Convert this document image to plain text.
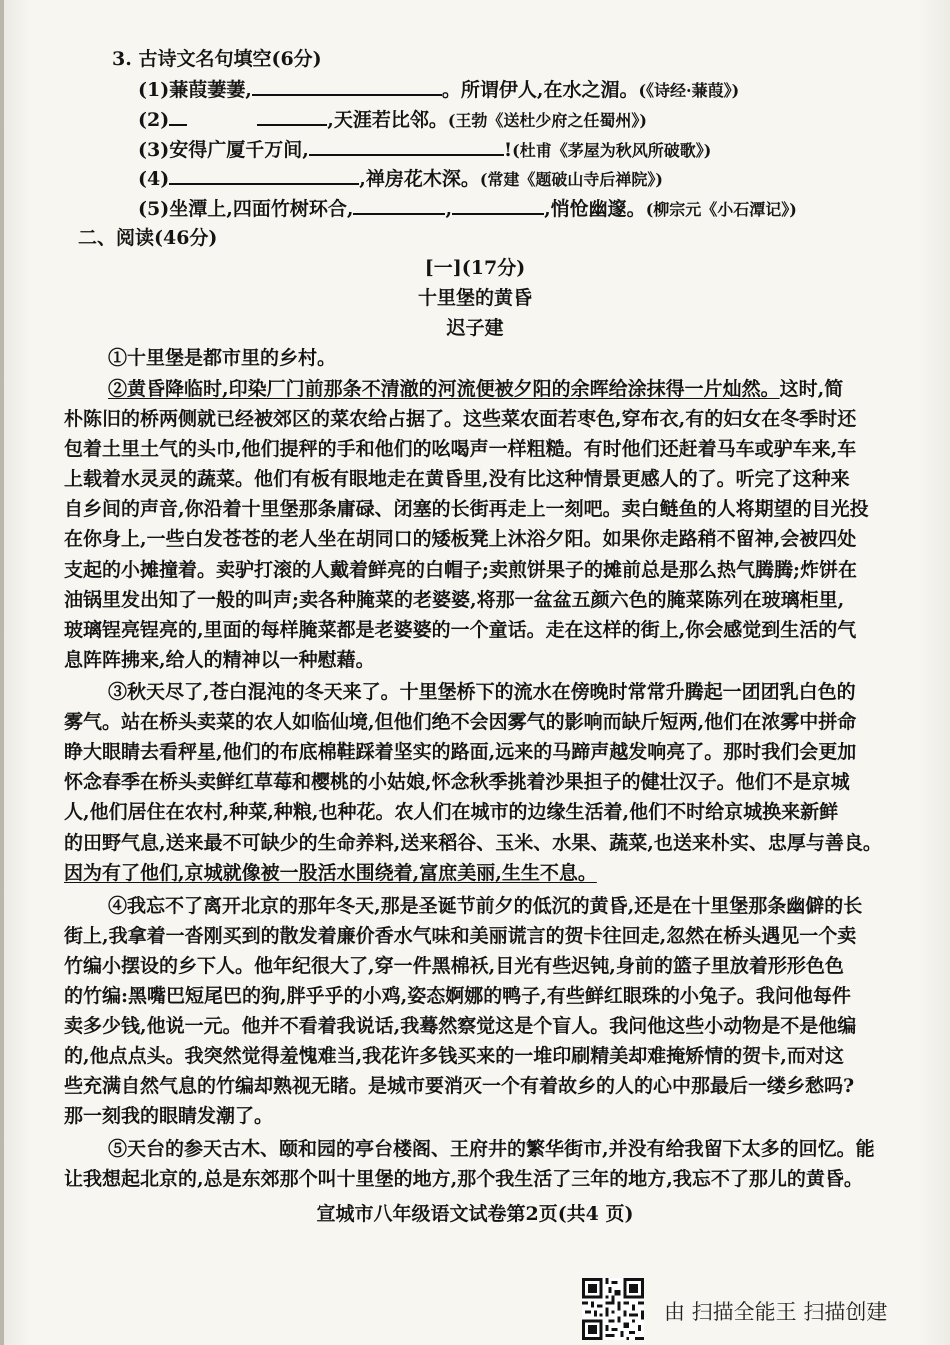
3. 古诗文名句填空(6分)
(1)蒹葭萋萋,	。所谓伊人,在水之湄。(《诗经·蒹葭》)
(2)	,天涯若比邻。(王勃《送杜少府之任蜀州》)
(3)安得广厦千万间,	!(杜甫《茅屋为秋风所破歌》)
(4)	,禅房花木深。(常建《题破山寺后禅院》)
(5)坐潭上,四面竹树环合,	,	,悄怆幽邃。(柳宗元《小石潭记》)
二、阅读(46分)
[一](17分)
十里堡的黄昏
迟子建
①十里堡是都市里的乡村。
②黄昏降临时,印染厂门前那条不清澈的河流便被夕阳的余晖给涂抹得一片灿然。这时,简
朴陈旧的桥两侧就已经被郊区的菜农给占据了。这些菜农面若枣色,穿布衣,有的妇女在冬季时还
包着土里土气的头巾,他们提秤的手和他们的吆喝声一样粗糙。有时他们还赶着马车或驴车来,车
上载着水灵灵的蔬菜。他们有板有眼地走在黄昏里,没有比这种情景更感人的了。听完了这种来
自乡间的声音,你沿着十里堡那条庸碌、闭塞的长街再走上一刻吧。卖白鲢鱼的人将期望的目光投
在你身上,一些白发苍苍的老人坐在胡同口的矮板凳上沐浴夕阳。如果你走路稍不留神,会被四处
支起的小摊撞着。卖驴打滚的人戴着鲜亮的白帽子;卖煎饼果子的摊前总是那么热气腾腾;炸饼在
油锅里发出知了一般的叫声;卖各种腌菜的老婆婆,将那一盆盆五颜六色的腌菜陈列在玻璃柜里,
玻璃锃亮锃亮的,里面的每样腌菜都是老婆婆的一个童话。走在这样的街上,你会感觉到生活的气
息阵阵拂来,给人的精神以一种慰藉。
③秋天尽了,苍白混沌的冬天来了。十里堡桥下的流水在傍晚时常常升腾起一团团乳白色的
雾气。站在桥头卖菜的农人如临仙境,但他们绝不会因雾气的影响而缺斤短两,他们在浓雾中拼命
睁大眼睛去看秤星,他们的布底棉鞋踩着坚实的路面,远来的马蹄声越发响亮了。那时我们会更加
怀念春季在桥头卖鲜红草莓和樱桃的小姑娘,怀念秋季挑着沙果担子的健壮汉子。他们不是京城
人,他们居住在农村,种菜,种粮,也种花。农人们在城市的边缘生活着,他们不时给京城换来新鲜
的田野气息,送来最不可缺少的生命养料,送来稻谷、玉米、水果、蔬菜,也送来朴实、忠厚与善良。
因为有了他们,京城就像被一股活水围绕着,富庶美丽,生生不息。
④我忘不了离开北京的那年冬天,那是圣诞节前夕的低沉的黄昏,还是在十里堡那条幽僻的长
街上,我拿着一沓刚买到的散发着廉价香水气味和美丽谎言的贺卡往回走,忽然在桥头遇见一个卖
竹编小摆设的乡下人。他年纪很大了,穿一件黑棉袄,目光有些迟钝,身前的篮子里放着形形色色
的竹编:黑嘴巴短尾巴的狗,胖乎乎的小鸡,姿态婀娜的鸭子,有些鲜红眼珠的小兔子。我问他每件
卖多少钱,他说一元。他并不看着我说话,我蓦然察觉这是个盲人。我问他这些小动物是不是他编
的,他点点头。我突然觉得羞愧难当,我花许多钱买来的一堆印刷精美却难掩矫情的贺卡,而对这
些充满自然气息的竹编却熟视无睹。是城市要消灭一个有着故乡的人的心中那最后一缕乡愁吗?
那一刻我的眼睛发潮了。
⑤天台的参天古木、颐和园的亭台楼阁、王府井的繁华街市,并没有给我留下太多的回忆。能
让我想起北京的,总是东郊那个叫十里堡的地方,那个我生活了三年的地方,我忘不了那儿的黄昏。
宣城市八年级语文试卷第2页(共4 页)
由 扫描全能王 扫描创建
